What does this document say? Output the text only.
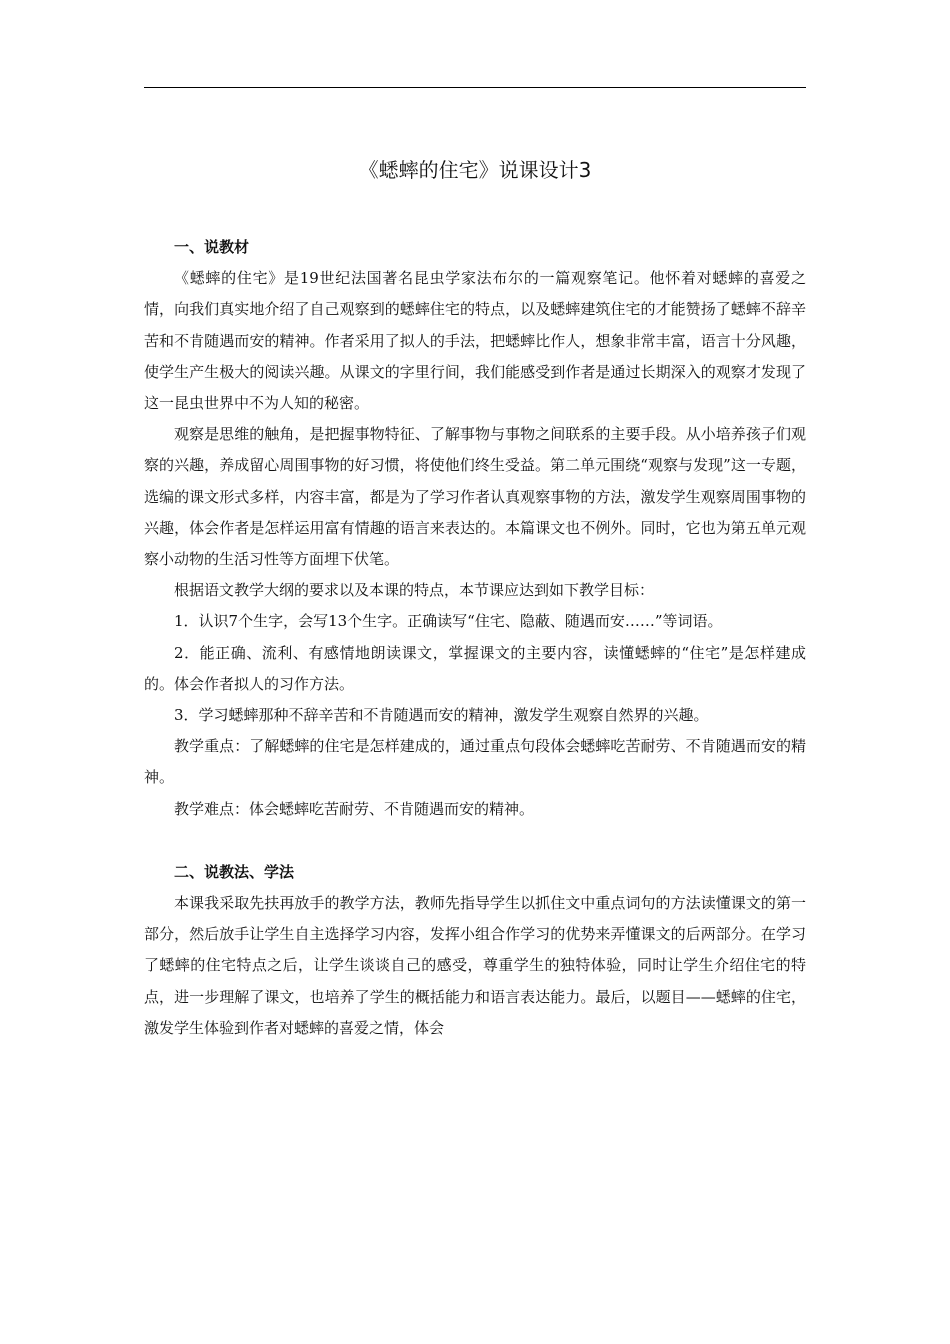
《蟋蟀的住宅》说课设计3
一、说教材

《蟋蟀的住宅》是19世纪法国著名昆虫学家法布尔的一篇观察笔记。他怀着对蟋蟀的喜爱之情，向我们真实地介绍了自己观察到的蟋蟀住宅的特点，以及蟋蟀建筑住宅的才能赞扬了蟋蟀不辞辛苦和不肯随遇而安的精神。作者采用了拟人的手法，把蟋蟀比作人，想象非常丰富，语言十分风趣，使学生产生极大的阅读兴趣。从课文的字里行间，我们能感受到作者是通过长期深入的观察才发现了这一昆虫世界中不为人知的秘密。

观察是思维的触角，是把握事物特征、了解事物与事物之间联系的主要手段。从小培养孩子们观察的兴趣，养成留心周围事物的好习惯，将使他们终生受益。第二单元围绕“观察与发现”这一专题，选编的课文形式多样，内容丰富，都是为了学习作者认真观察事物的方法，激发学生观察周围事物的兴趣，体会作者是怎样运用富有情趣的语言来表达的。本篇课文也不例外。同时，它也为第五单元观察小动物的生活习性等方面埋下伏笔。

根据语文教学大纲的要求以及本课的特点，本节课应达到如下教学目标：

1．认识7个生字，会写13个生字。正确读写“住宅、隐蔽、随遇而安……”等词语。

2．能正确、流利、有感情地朗读课文，掌握课文的主要内容，读懂蟋蟀的“住宅”是怎样建成的。体会作者拟人的习作方法。

3．学习蟋蟀那种不辞辛苦和不肯随遇而安的精神，激发学生观察自然界的兴趣。

教学重点：了解蟋蟀的住宅是怎样建成的，通过重点句段体会蟋蟀吃苦耐劳、不肯随遇而安的精神。

教学难点：体会蟋蟀吃苦耐劳、不肯随遇而安的精神。

二、说教法、学法

本课我采取先扶再放手的教学方法，教师先指导学生以抓住文中重点词句的方法读懂课文的第一部分，然后放手让学生自主选择学习内容，发挥小组合作学习的优势来弄懂课文的后两部分。在学习了蟋蟀的住宅特点之后，让学生谈谈自己的感受，尊重学生的独特体验，同时让学生介绍住宅的特点，进一步理解了课文，也培养了学生的概括能力和语言表达能力。最后，以题目——蟋蟀的住宅，激发学生体验到作者对蟋蟀的喜爱之情，体会
